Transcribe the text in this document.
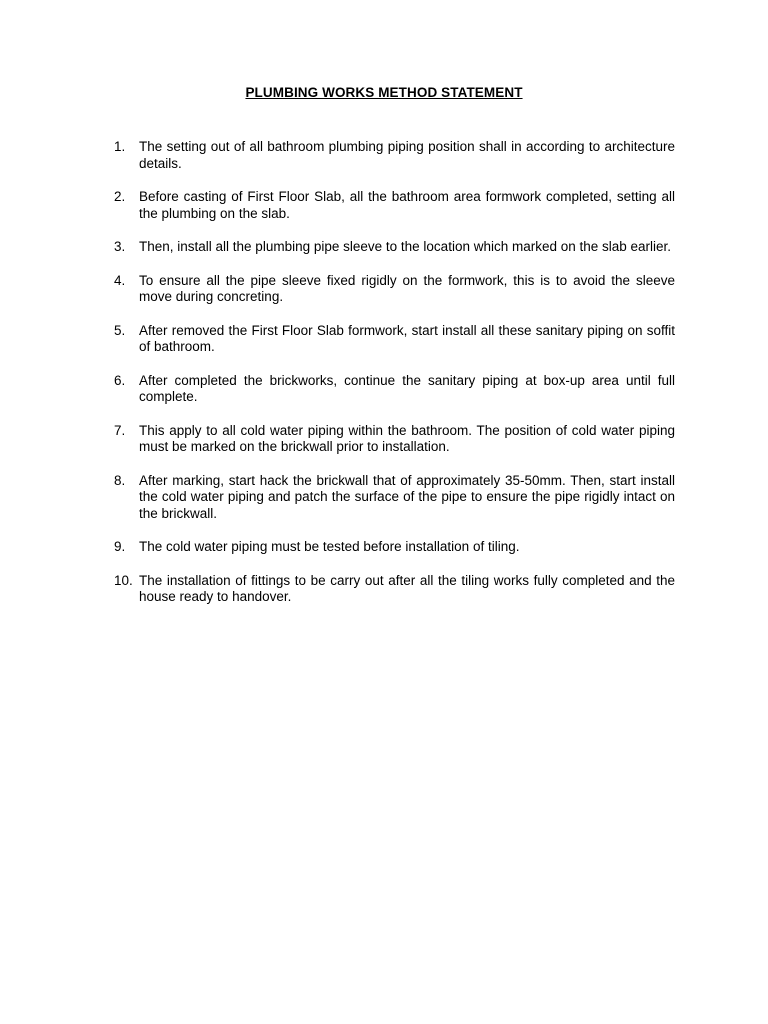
PLUMBING WORKS METHOD STATEMENT
1. The setting out of all bathroom plumbing piping position shall in according to architecture details.
2. Before casting of First Floor Slab, all the bathroom area formwork completed, setting all the plumbing on the slab.
3. Then, install all the plumbing pipe sleeve to the location which marked on the slab earlier.
4. To ensure all the pipe sleeve fixed rigidly on the formwork, this is to avoid the sleeve move during concreting.
5. After removed the First Floor Slab formwork, start install all these sanitary piping on soffit of bathroom.
6. After completed the brickworks, continue the sanitary piping at box-up area until full complete.
7. This apply to all cold water piping within the bathroom. The position of cold water piping must be marked on the brickwall prior to installation.
8. After marking, start hack the brickwall that of approximately 35-50mm. Then, start install the cold water piping and patch the surface of the pipe to ensure the pipe rigidly intact on the brickwall.
9. The cold water piping must be tested before installation of tiling.
10. The installation of fittings to be carry out after all the tiling works fully completed and the house ready to handover.
